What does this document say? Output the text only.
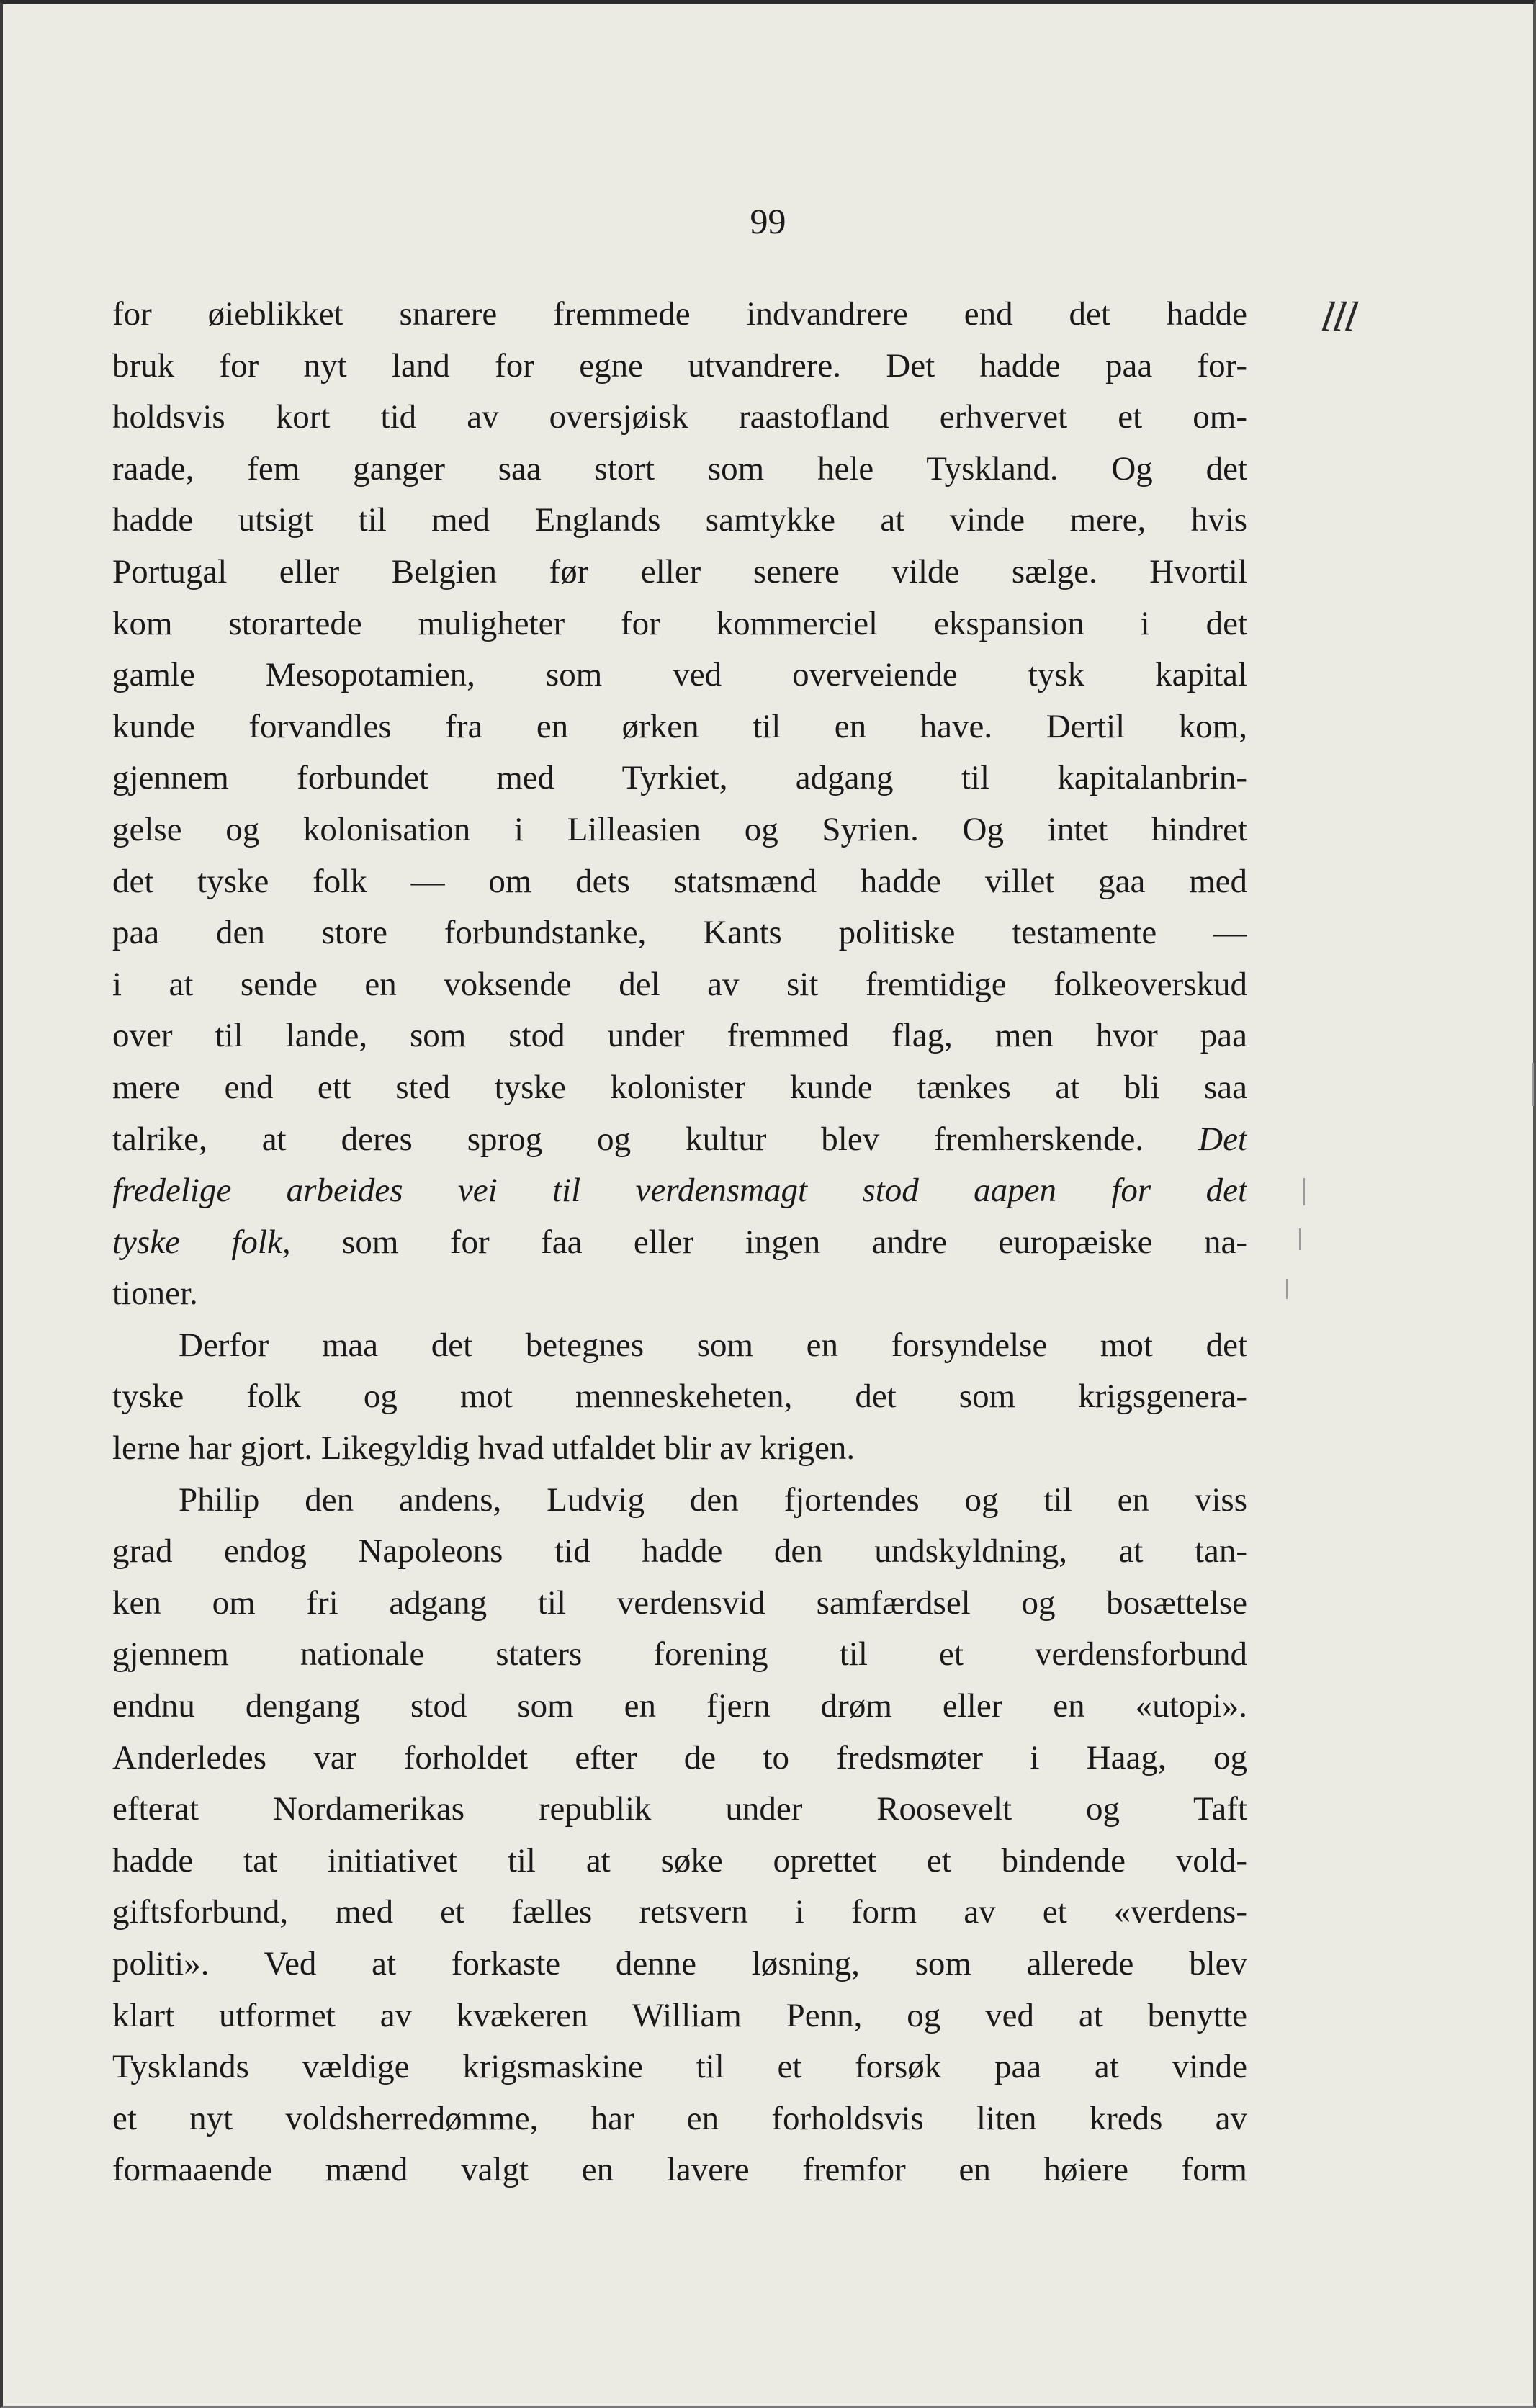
99
lll
for øieblikket snarere fremmede indvandrere end det hadde
bruk for nyt land for egne utvandrere. Det hadde paa for-
holdsvis kort tid av oversjøisk raastofland erhvervet et om-
raade, fem ganger saa stort som hele Tyskland. Og det
hadde utsigt til med Englands samtykke at vinde mere, hvis
Portugal eller Belgien før eller senere vilde sælge. Hvortil
kom storartede muligheter for kommerciel ekspansion i det
gamle Mesopotamien, som ved overveiende tysk kapital
kunde forvandles fra en ørken til en have. Dertil kom,
gjennem forbundet med Tyrkiet, adgang til kapitalanbrin-
gelse og kolonisation i Lilleasien og Syrien. Og intet hindret
det tyske folk — om dets statsmænd hadde villet gaa med
paa den store forbundstanke, Kants politiske testamente —
i at sende en voksende del av sit fremtidige folkeoverskud
over til lande, som stod under fremmed flag, men hvor paa
mere end ett sted tyske kolonister kunde tænkes at bli saa
talrike, at deres sprog og kultur blev fremherskende. Det
fredelige arbeides vei til verdensmagt stod aapen for det
tyske folk, som for faa eller ingen andre europæiske na-
tioner.
Derfor maa det betegnes som en forsyndelse mot det
tyske folk og mot menneskeheten, det som krigsgenera-
lerne har gjort. Likegyldig hvad utfaldet blir av krigen.
Philip den andens, Ludvig den fjortendes og til en viss
grad endog Napoleons tid hadde den undskyldning, at tan-
ken om fri adgang til verdensvid samfærdsel og bosættelse
gjennem nationale staters forening til et verdensforbund
endnu dengang stod som en fjern drøm eller en «utopi».
Anderledes var forholdet efter de to fredsmøter i Haag, og
efterat Nordamerikas republik under Roosevelt og Taft
hadde tat initiativet til at søke oprettet et bindende vold-
giftsforbund, med et fælles retsvern i form av et «verdens-
politi». Ved at forkaste denne løsning, som allerede blev
klart utformet av kvækeren William Penn, og ved at benytte
Tysklands vældige krigsmaskine til et forsøk paa at vinde
et nyt voldsherredømme, har en forholdsvis liten kreds av
formaaende mænd valgt en lavere fremfor en høiere form
